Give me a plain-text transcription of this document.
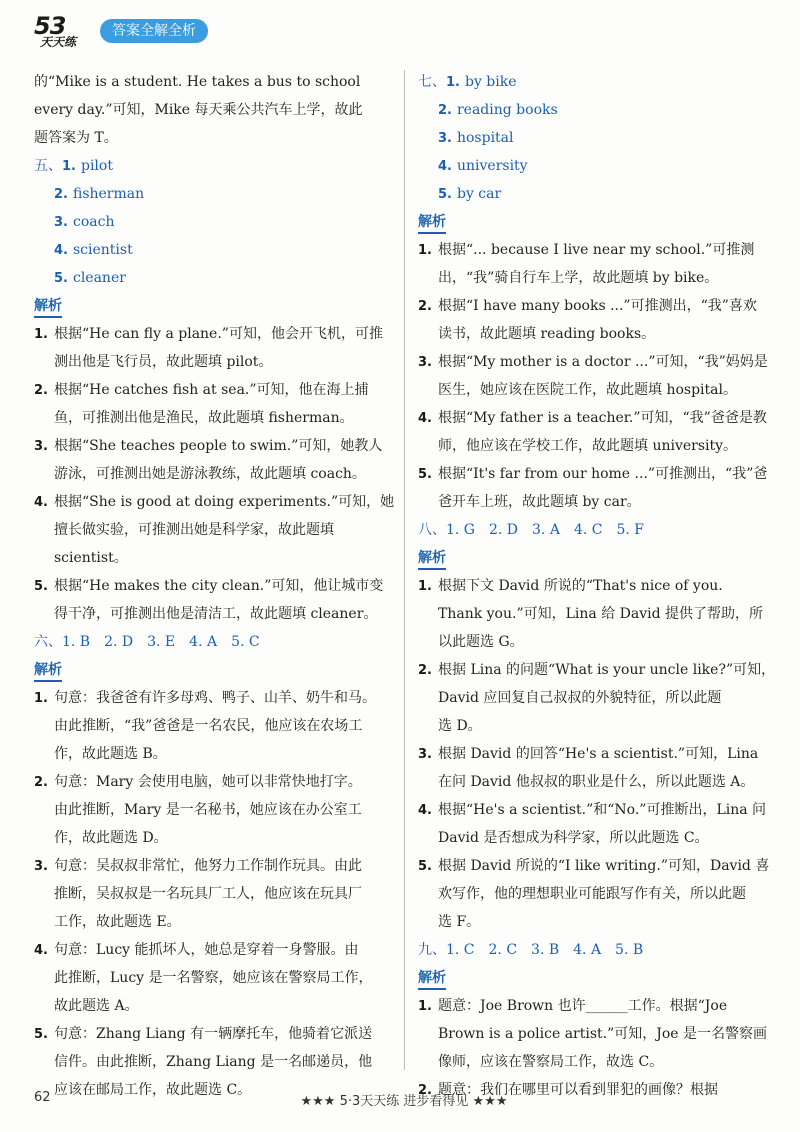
53
天天练
答案全解全析
的“Mike is a student. He takes a bus to school
every day.”可知，Mike 每天乘公共汽车上学，故此
题答案为 T。
五、1. pilot
2. fisherman
3. coach
4. scientist
5. cleaner
解析
1. 根据“He can fly a plane.”可知，他会开飞机，可推
测出他是飞行员，故此题填 pilot。
2. 根据“He catches fish at sea.”可知，他在海上捕
鱼，可推测出他是渔民，故此题填 fisherman。
3. 根据“She teaches people to swim.”可知，她教人
游泳，可推测出她是游泳教练，故此题填 coach。
4. 根据“She is good at doing experiments.”可知，她
擅长做实验，可推测出她是科学家，故此题填
scientist。
5. 根据“He makes the city clean.”可知，他让城市变
得干净，可推测出他是清洁工，故此题填 cleaner。
六、1. B　2. D　3. E　4. A　5. C
解析
1. 句意：我爸爸有许多母鸡、鸭子、山羊、奶牛和马。
由此推断，“我”爸爸是一名农民，他应该在农场工
作，故此题选 B。
2. 句意：Mary 会使用电脑，她可以非常快地打字。
由此推断，Mary 是一名秘书，她应该在办公室工
作，故此题选 D。
3. 句意：吴叔叔非常忙，他努力工作制作玩具。由此
推断，吴叔叔是一名玩具厂工人，他应该在玩具厂
工作，故此题选 E。
4. 句意：Lucy 能抓坏人，她总是穿着一身警服。由
此推断，Lucy 是一名警察，她应该在警察局工作，
故此题选 A。
5. 句意：Zhang Liang 有一辆摩托车，他骑着它派送
信件。由此推断，Zhang Liang 是一名邮递员，他
应该在邮局工作，故此题选 C。
七、1. by bike
2. reading books
3. hospital
4. university
5. by car
解析
1. 根据“... because I live near my school.”可推测
出，“我”骑自行车上学，故此题填 by bike。
2. 根据“I have many books ...”可推测出，“我”喜欢
读书，故此题填 reading books。
3. 根据“My mother is a doctor ...”可知，“我”妈妈是
医生，她应该在医院工作，故此题填 hospital。
4. 根据“My father is a teacher.”可知，“我”爸爸是教
师，他应该在学校工作，故此题填 university。
5. 根据“It's far from our home ...”可推测出，“我”爸
爸开车上班，故此题填 by car。
八、1. G　2. D　3. A　4. C　5. F
解析
1. 根据下文 David 所说的“That's nice of you.
Thank you.”可知，Lina 给 David 提供了帮助，所
以此题选 G。
2. 根据 Lina 的问题“What is your uncle like?”可知，
David 应回复自己叔叔的外貌特征，所以此题
选 D。
3. 根据 David 的回答“He's a scientist.”可知，Lina
在问 David 他叔叔的职业是什么，所以此题选 A。
4. 根据“He's a scientist.”和“No.”可推断出，Lina 问
David 是否想成为科学家，所以此题选 C。
5. 根据 David 所说的“I like writing.”可知，David 喜
欢写作，他的理想职业可能跟写作有关，所以此题
选 F。
九、1. C　2. C　3. B　4. A　5. B
解析
1. 题意：Joe Brown 也许______工作。根据“Joe
Brown is a police artist.”可知，Joe 是一名警察画
像师，应该在警察局工作，故选 C。
2. 题意：我们在哪里可以看到罪犯的画像？根据
62	★★★ 5·3天天练 进步看得见 ★★★
